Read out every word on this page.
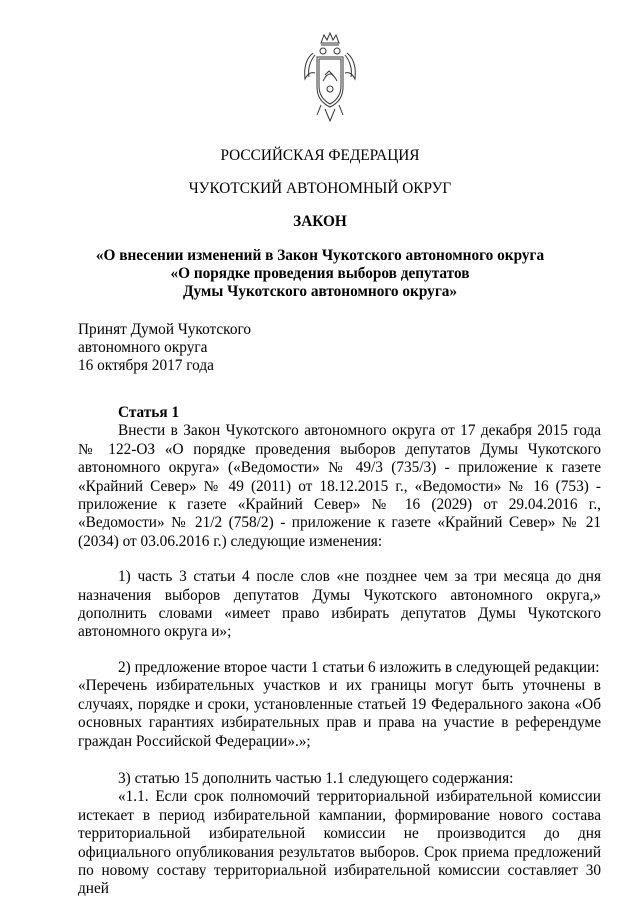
РОССИЙСКАЯ ФЕДЕРАЦИЯ
ЧУКОТСКИЙ АВТОНОМНЫЙ ОКРУГ
ЗАКОН
«О внесении изменений в Закон Чукотского автономного округа
«О порядке проведения выборов депутатов
Думы Чукотского автономного округа»
Принят Думой Чукотского
автономного округа
16 октября 2017 года
Статья 1

Внести в Закон Чукотского автономного округа от 17 декабря 2015 года № 122-ОЗ «О порядке проведения выборов депутатов Думы Чукотского автономного округа» («Ведомости» № 49/3 (735/3) - приложение к газете «Крайний Север» № 49 (2011) от 18.12.2015 г., «Ведомости» № 16 (753) - приложение к газете «Крайний Север» № 16 (2029) от 29.04.2016 г., «Ведомости» № 21/2 (758/2) - приложение к газете «Крайний Север» № 21 (2034) от 03.06.2016 г.) следующие изменения:

1) часть 3 статьи 4 после слов «не позднее чем за три месяца до дня назначения выборов депутатов Думы Чукотского автономного округа,» дополнить словами «имеет право избирать депутатов Думы Чукотского автономного округа и»;

2) предложение второе части 1 статьи 6 изложить в следующей редакции:

«Перечень избирательных участков и их границы могут быть уточнены в случаях, порядке и сроки, установленные статьей 19 Федерального закона «Об основных гарантиях избирательных прав и права на участие в референдуме граждан Российской Федерации».»;

3) статью 15 дополнить частью 1.1 следующего содержания:

«1.1. Если срок полномочий территориальной избирательной комиссии истекает в период избирательной кампании, формирование нового состава территориальной избирательной комиссии не производится до дня официального опубликования результатов выборов. Срок приема предложений по новому составу территориальной избирательной комиссии составляет 30 дней
